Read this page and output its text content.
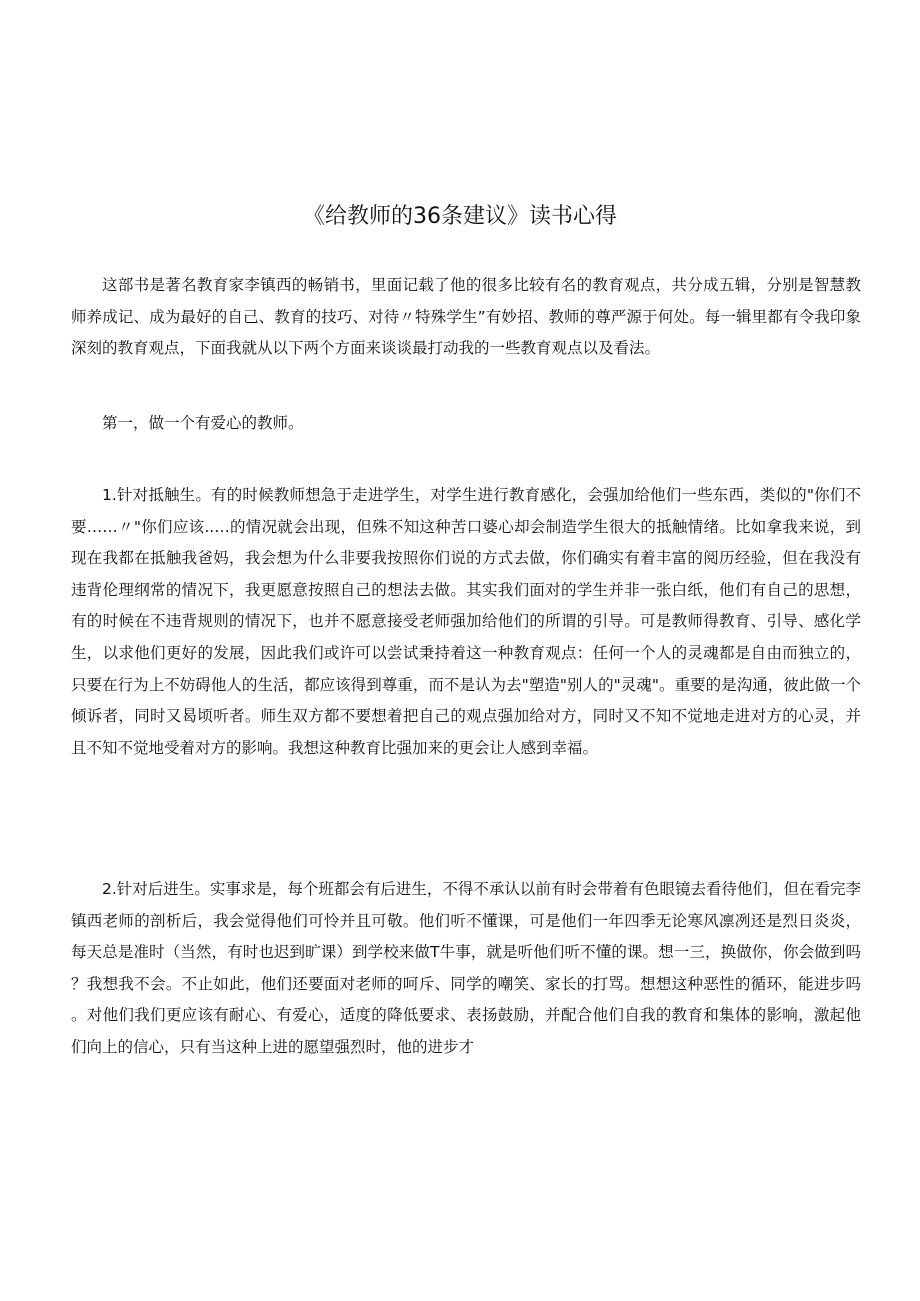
《给教师的36条建议》读书心得

这部书是著名教育家李镇西的畅销书，里面记载了他的很多比较有名的教育观点，共分成五辑，分别是智慧教师养成记、成为最好的自己、教育的技巧、对待〃特殊学生”有妙招、教师的尊严源于何处。每一辑里都有令我印象深刻的教育观点，下面我就从以下两个方面来谈谈最打动我的一些教育观点以及看法。

第一，做一个有爱心的教师。

1.针对抵触生。有的时候教师想急于走进学生，对学生进行教育感化，会强加给他们一些东西，类似的"你们不要……〃"你们应该..…的情况就会出现，但殊不知这种苦口婆心却会制造学生很大的抵触情绪。比如拿我来说，到现在我都在抵触我爸妈，我会想为什么非要我按照你们说的方式去做，你们确实有着丰富的阅历经验，但在我没有违背伦理纲常的情况下，我更愿意按照自己的想法去做。其实我们面对的学生并非一张白纸，他们有自己的思想，有的时候在不违背规则的情况下，也并不愿意接受老师强加给他们的所谓的引导。可是教师得教育、引导、感化学生，以求他们更好的发展，因此我们或许可以尝试秉持着这一种教育观点：任何一个人的灵魂都是自由而独立的，只要在行为上不妨碍他人的生活，都应该得到尊重，而不是认为去"塑造"别人的"灵魂"。重要的是沟通，彼此做一个倾诉者，同时又曷顷听者。师生双方都不要想着把自己的观点强加给对方，同时又不知不觉地走进对方的心灵，并且不知不觉地受着对方的影响。我想这种教育比强加来的更会让人感到幸福。

2.针对后进生。实事求是，每个班都会有后进生，不得不承认以前有时会带着有色眼镜去看待他们，但在看完李镇西老师的剖析后，我会觉得他们可怜并且可敬。他们听不懂课，可是他们一年四季无论寒风凛冽还是烈日炎炎，每天总是准时（当然，有时也迟到旷课）到学校来做T牛事，就是听他们听不懂的课。想一三，换做你，你会做到吗？我想我不会。不止如此，他们还要面对老师的呵斥、同学的嘲笑、家长的打骂。想想这种恶性的循环，能进步吗。对他们我们更应该有耐心、有爱心，适度的降低要求、表扬鼓励，并配合他们自我的教育和集体的影响，激起他们向上的信心，只有当这种上进的愿望强烈时，他的进步才
